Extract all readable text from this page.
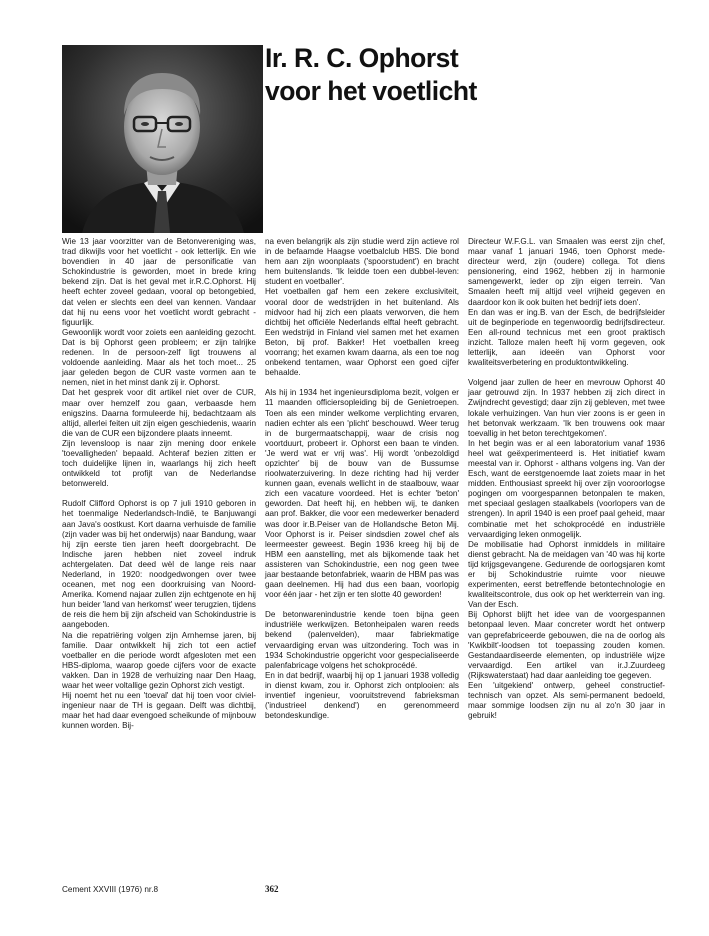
Ir. R. C. Ophorst
voor het voetlicht

Wie 13 jaar voorzitter van de Betonvereniging was, trad dikwijls voor het voetlicht - ook letterlijk. En wie bovendien in 40 jaar de personificatie van Schokindustrie is geworden, moet in brede kring bekend zijn. Dat is het geval met ir.R.C.Ophorst. Hij heeft echter zoveel gedaan, vooral op betongebied, dat velen er slechts een deel van kennen. Vandaar dat hij nu eens voor het voetlicht wordt gebracht - figuurlijk.

Gewoonlijk wordt voor zoiets een aanleiding gezocht. Dat is bij Ophorst geen probleem; er zijn talrijke redenen. In de persoon-zelf ligt trouwens al voldoende aanleiding. Maar als het toch moet... 25 jaar geleden begon de CUR vaste vormen aan te nemen, niet in het minst dank zij ir. Ophorst.

Dat het gesprek voor dit artikel niet over de CUR, maar over hemzelf zou gaan, verbaasde hem enigszins. Daarna formuleerde hij, bedachtzaam als altijd, allerlei feiten uit zijn eigen geschiedenis, waarin die van de CUR een bijzondere plaats inneemt.

Zijn levensloop is naar zijn mening door enkele 'toevalligheden' bepaald. Achteraf bezien zitten er toch duidelijke lijnen in, waarlangs hij zich heeft ontwikkeld tot profijt van de Nederlandse betonwereld.

Rudolf Clifford Ophorst is op 7 juli 1910 geboren in het toenmalige Nederlandsch-Indië, te Banjuwangi aan Java's oostkust. Kort daarna verhuisde de familie (zijn vader was bij het onderwijs) naar Bandung, waar hij zijn eerste tien jaren heeft doorgebracht. De Indische jaren hebben niet zoveel indruk achtergelaten. Dat deed wèl de lange reis naar Nederland, in 1920: noodgedwongen over twee oceanen, met nog een doorkruising van Noord-Amerika. Komend najaar zullen zijn echtgenote en hij hun beider 'land van herkomst' weer terugzien, tijdens de reis die hem bij zijn afscheid van Schokindustrie is aangeboden.

Na die repatriëring volgen zijn Arnhemse jaren, bij familie. Daar ontwikkelt hij zich tot een actief voetballer en die periode wordt afgesloten met een HBS-diploma, waarop goede cijfers voor de exacte vakken. Dan in 1928 de verhuizing naar Den Haag, waar het weer voltallige gezin Ophorst zich vestigt.

Hij noemt het nu een 'toeval' dat hij toen voor civiel-ingenieur naar de TH is gegaan. Delft was dichtbij, maar het had daar evengoed scheikunde of mijnbouw kunnen worden. Bij-

na even belangrijk als zijn studie werd zijn actieve rol in de befaamde Haagse voetbalclub HBS. Die bond hem aan zijn woonplaats ('spoorstudent') en bracht hem buitenslands. 'Ik leidde toen een dubbel-leven: student en voetballer'.

Het voetballen gaf hem een zekere exclusiviteit, vooral door de wedstrijden in het buitenland. Als midvoor had hij zich een plaats verworven, die hem dichtbij het officiële Nederlands elftal heeft gebracht. Een wedstrijd in Finland viel samen met het examen Beton, bij prof. Bakker! Het voetballen kreeg voorrang; het examen kwam daarna, als een toe nog onbekend tentamen, waar Ophorst een goed cijfer behaalde.

Als hij in 1934 het ingenieursdiploma bezit, volgen er 11 maanden officiersopleiding bij de Genietroepen. Toen als een minder welkome verplichting ervaren, nadien echter als een 'plicht' beschouwd. Weer terug in de burgermaatschappij, waar de crisis nog voortduurt, probeert ir. Ophorst een baan te vinden. 'Je werd wat er vrij was'. Hij wordt 'onbezoldigd opzichter' bij de bouw van de Bussumse rioolwaterzuivering. In deze richting had hij verder kunnen gaan, evenals wellicht in de staalbouw, waar zich een vacature voordeed. Het is echter 'beton' geworden. Dat heeft hij, en hebben wij, te danken aan prof. Bakker, die voor een medewerker benaderd was door ir.B.Peiser van de Hollandsche Beton Mij. Voor Ophorst is ir. Peiser sindsdien zowel chef als leermeester geweest. Begin 1936 kreeg hij bij de HBM een aanstelling, met als bijkomende taak het assisteren van Schokindustrie, een nog geen twee jaar bestaande betonfabriek, waarin de HBM pas was gaan deelnemen. Hij had dus een baan, voorlopig voor één jaar - het zijn er ten slotte 40 geworden!

De betonwarenindustrie kende toen bijna geen industriële werkwijzen. Betonheipalen waren reeds bekend (palenvelden), maar fabriekmatige vervaardiging ervan was uitzondering. Toch was in 1934 Schokindustrie opgericht voor gespecialiseerde palenfabricage volgens het schokprocédé.

En in dat bedrijf, waarbij hij op 1 januari 1938 volledig in dienst kwam, zou ir. Ophorst zich ontplooien: als inventief ingenieur, vooruitstrevend fabrieksman ('industrieel denkend') en gerenommeerd betondeskundige.

Directeur W.F.G.L. van Smaalen was eerst zijn chef, maar vanaf 1 januari 1946, toen Ophorst mede-directeur werd, zijn (oudere) collega. Tot diens pensionering, eind 1962, hebben zij in harmonie samengewerkt, ieder op zijn eigen terrein. 'Van Smaalen heeft mij altijd veel vrijheid gegeven en daardoor kon ik ook buiten het bedrijf iets doen'.

En dan was er ing.B. van der Esch, de bedrijfsleider uit de beginperiode en tegenwoordig bedrijfsdirecteur. Een all-round technicus met een groot praktisch inzicht. Talloze malen heeft hij vorm gegeven, ook letterlijk, aan ideeën van Ophorst voor kwaliteitsverbetering en produktontwikkeling.

Volgend jaar zullen de heer en mevrouw Ophorst 40 jaar getrouwd zijn. In 1937 hebben zij zich direct in Zwijndrecht gevestigd; daar zijn zij gebleven, met twee lokale verhuizingen. Van hun vier zoons is er geen in het betonvak werkzaam. 'Ik ben trouwens ook maar toevallig in het beton terechtgekomen'.

In het begin was er al een laboratorium vanaf 1936 heel wat geëxperimenteerd is. Het initiatief kwam meestal van ir. Ophorst - althans volgens ing. Van der Esch, want de eerstgenoemde laat zoiets maar in het midden. Enthousiast spreekt hij over zijn vooroorlogse pogingen om voorgespannen betonpalen te maken, met speciaal geslagen staalkabels (voorlopers van de strengen). In april 1940 is een proef paal geheid, maar combinatie met het schokprocédé en industriële vervaardiging leken onmogelijk.

De mobilisatie had Ophorst inmiddels in militaire dienst gebracht. Na de meidagen van '40 was hij korte tijd krijgsgevangene. Gedurende de oorlogsjaren komt er bij Schokindustrie ruimte voor nieuwe experimenten, eerst betreffende betontechnologie en kwaliteitscontrole, dus ook op het werkterrein van ing. Van der Esch.

Bij Ophorst blijft het idee van de voorgespannen betonpaal leven. Maar concreter wordt het ontwerp van geprefabriceerde gebouwen, die na de oorlog als 'Kwikbilt'-loodsen tot toepassing zouden komen. Gestandaardiseerde elementen, op industriële wijze vervaardigd. Een artikel van ir.J.Zuurdeeg (Rijkswaterstaat) had daar aanleiding toe gegeven.

Een 'uitgekiend' ontwerp, geheel constructief-technisch van opzet. Als semi-permanent bedoeld, maar sommige loodsen zijn nu al zo'n 30 jaar in gebruik!

Cement XXVIII (1976) nr.8	362
